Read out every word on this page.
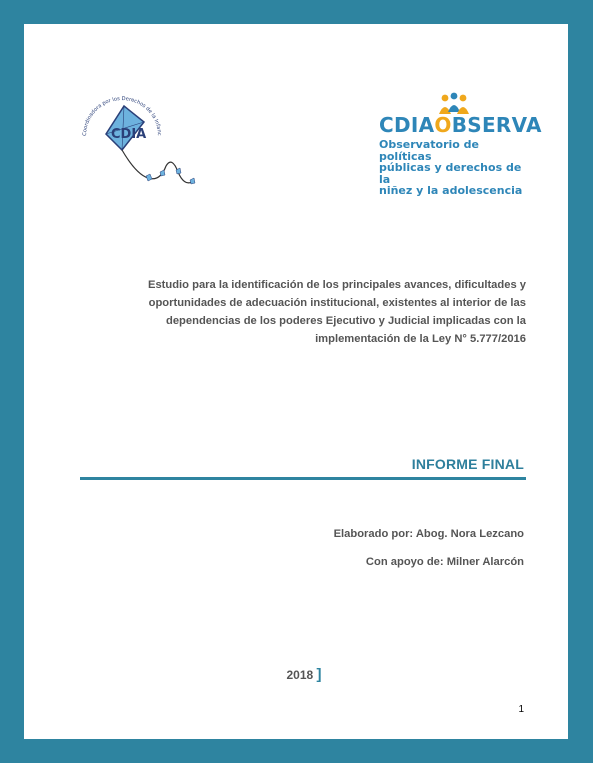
Coordinadora por los Derechos de la Infanc
CDIA	CDIAOBSERVA
Observatorio de políticas
públicas y derechos de la
niñez y la adolescencia
Estudio para la identificación de los principales avances, dificultades y oportunidades de adecuación institucional, existentes al interior de las dependencias de los poderes Ejecutivo y Judicial implicadas con la implementación de la Ley N° 5.777/2016
INFORME FINAL
Elaborado por: Abog. Nora Lezcano
Con apoyo de: Milner Alarcón
2018 ]
1
